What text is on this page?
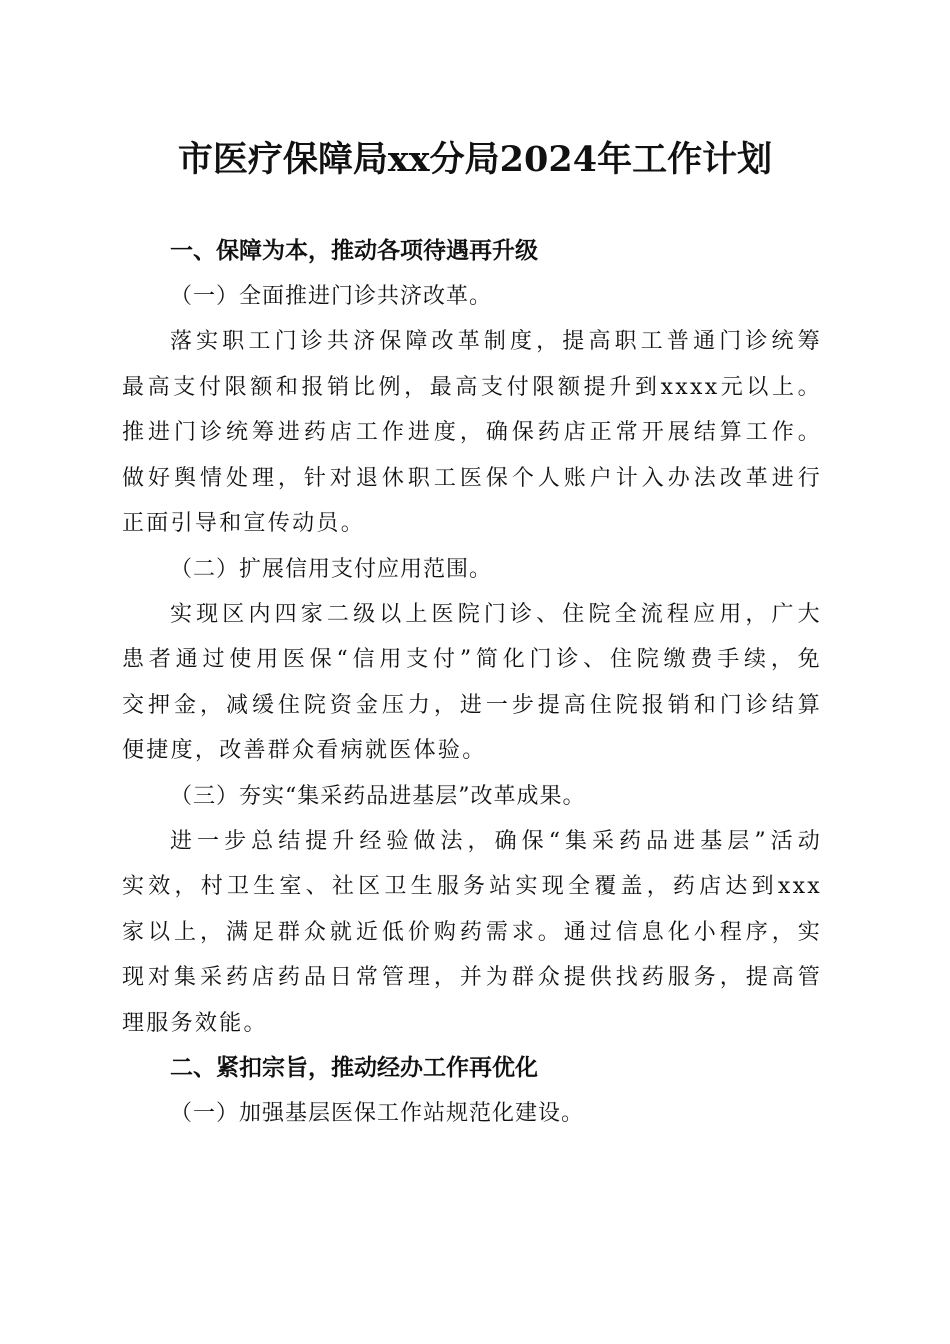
市医疗保障局xx分局2024年工作计划
一、保障为本，推动各项待遇再升级
（一）全面推进门诊共济改革。
落实职工门诊共济保障改革制度，提高职工普通门诊统筹
最高支付限额和报销比例，最高支付限额提升到xxxx元以上。
推进门诊统筹进药店工作进度，确保药店正常开展结算工作。
做好舆情处理，针对退休职工医保个人账户计入办法改革进行
正面引导和宣传动员。
（二）扩展信用支付应用范围。
实现区内四家二级以上医院门诊、住院全流程应用，广大
患者通过使用医保“信用支付”简化门诊、住院缴费手续，免
交押金，减缓住院资金压力，进一步提高住院报销和门诊结算
便捷度，改善群众看病就医体验。
（三）夯实“集采药品进基层”改革成果。
进一步总结提升经验做法，确保“集采药品进基层”活动
实效，村卫生室、社区卫生服务站实现全覆盖，药店达到xxx
家以上，满足群众就近低价购药需求。通过信息化小程序，实
现对集采药店药品日常管理，并为群众提供找药服务，提高管
理服务效能。
二、紧扣宗旨，推动经办工作再优化
（一）加强基层医保工作站规范化建设。
